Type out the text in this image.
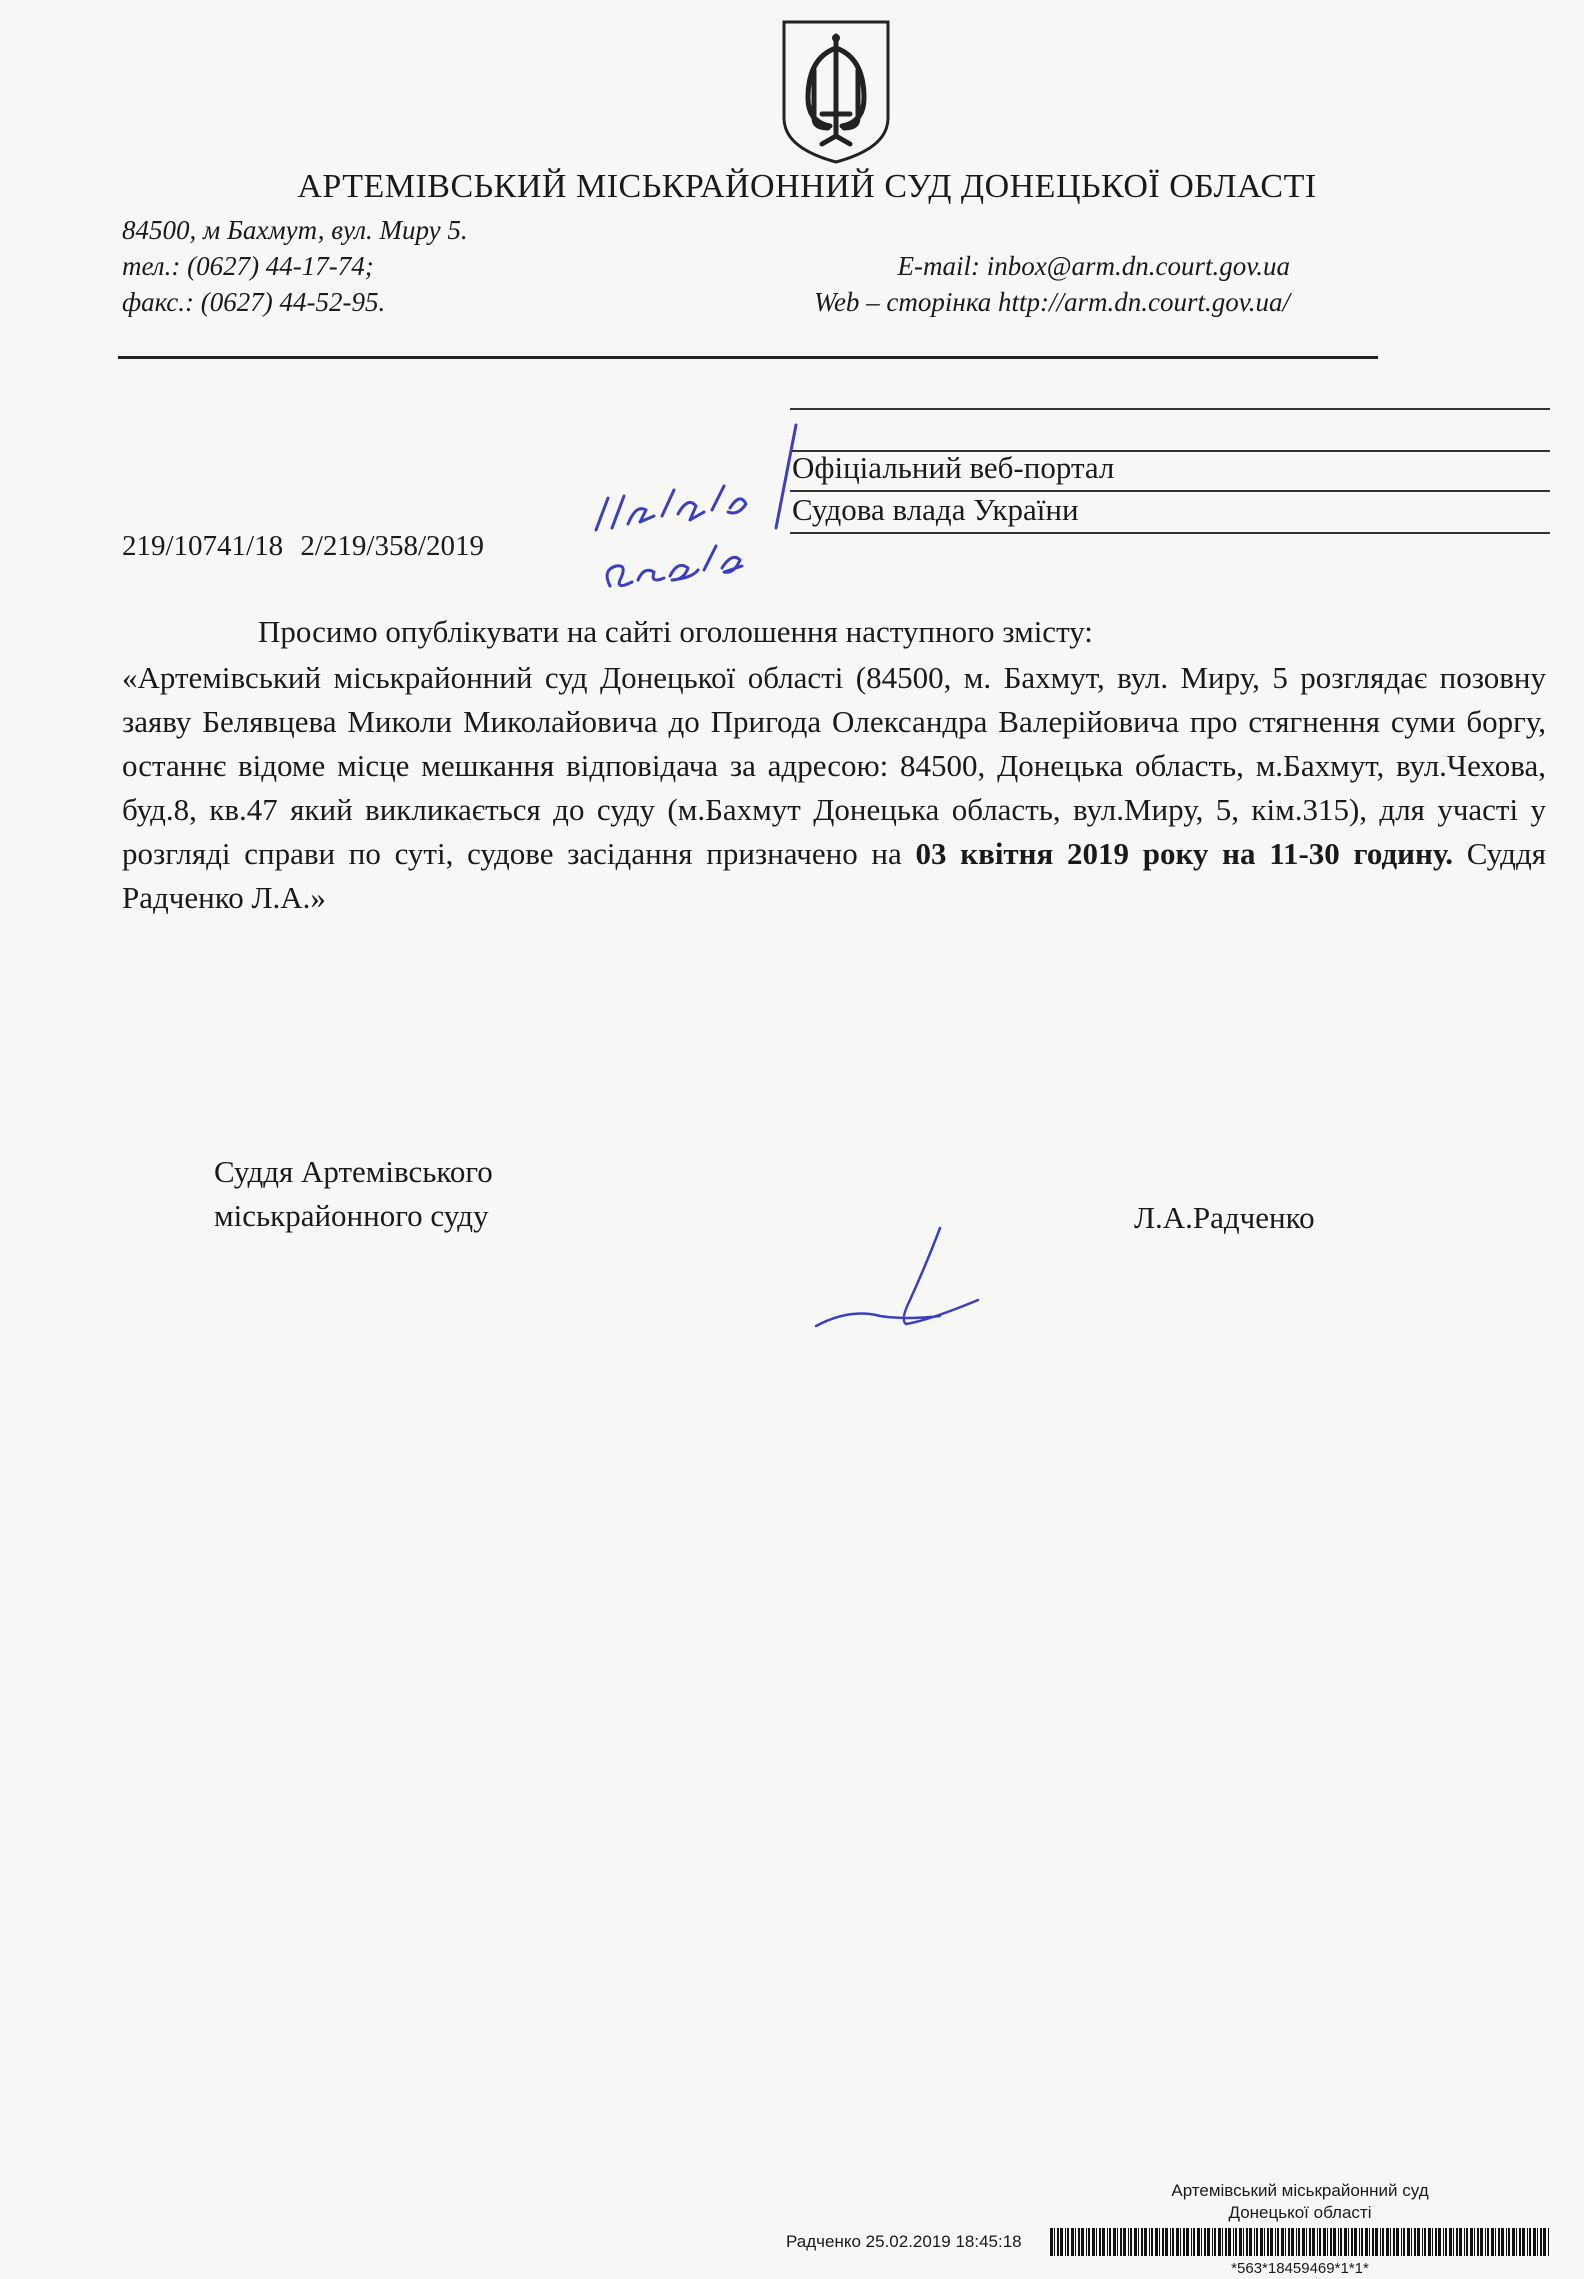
АРТЕМІВСЬКИЙ МІСЬКРАЙОННИЙ СУД ДОНЕЦЬКОЇ ОБЛАСТІ
84500, м Бахмут, вул. Миру 5.
тел.: (0627) 44-17-74;
факс.: (0627) 44-52-95.
E-mail: inbox@arm.dn.court.gov.ua
Web – сторінка http://arm.dn.court.gov.ua/
Офіціальний веб-портал
Судова влада України
219/10741/18 2/219/358/2019
Просимо опублікувати на сайті оголошення наступного змісту:
«Артемівський міськрайонний суд Донецької області (84500, м. Бахмут, вул. Миру, 5 розглядає позовну заяву Белявцева Миколи Миколайовича до Пригода Олександра Валерійовича про стягнення суми боргу, останнє відоме місце мешкання відповідача за адресою: 84500, Донецька область, м.Бахмут, вул.Чехова, буд.8, кв.47 який викликається до суду (м.Бахмут Донецька область, вул.Миру, 5, кім.315), для участі у розгляді справи по суті, судове засідання призначено на 03 квітня 2019 року на 11-30 годину. Суддя Радченко Л.А.»
Суддя Артемівського
міськрайонного суду	Л.А.Радченко
Артемівський міськрайонний суд
Донецької області
Радченко 25.02.2019 18:45:18
*563*18459469*1*1*
